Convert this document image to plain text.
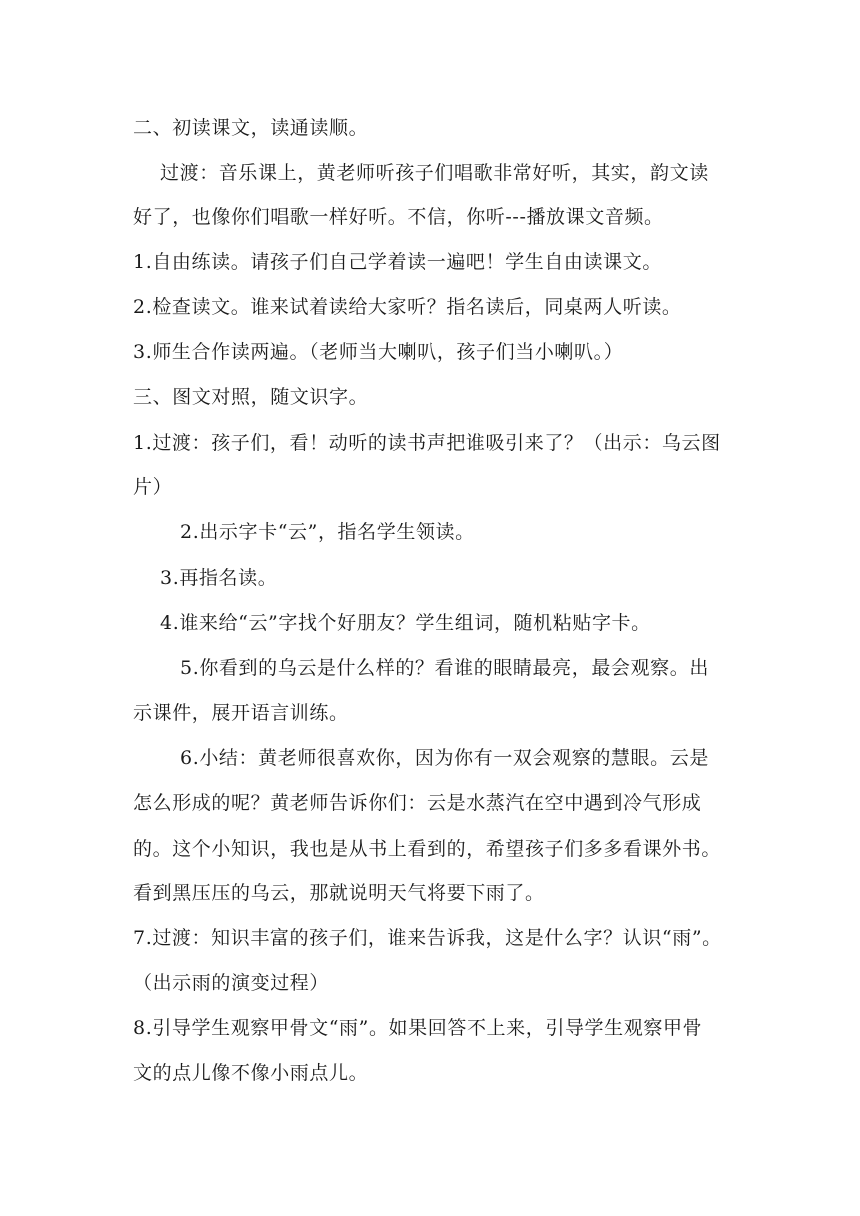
二、初读课文，读通读顺。
过渡：音乐课上，黄老师听孩子们唱歌非常好听，其实，韵文读
好了，也像你们唱歌一样好听。不信，你听---播放课文音频。
1.自由练读。请孩子们自己学着读一遍吧！学生自由读课文。
2.检查读文。谁来试着读给大家听？指名读后，同桌两人听读。
3.师生合作读两遍。（老师当大喇叭，孩子们当小喇叭。）
三、图文对照，随文识字。
1.过渡：孩子们，看！动听的读书声把谁吸引来了？（出示：乌云图
片）
2.出示字卡“云”，指名学生领读。
3.再指名读。
4.谁来给“云”字找个好朋友？学生组词，随机粘贴字卡。
5.你看到的乌云是什么样的？看谁的眼睛最亮，最会观察。出
示课件，展开语言训练。
6.小结：黄老师很喜欢你，因为你有一双会观察的慧眼。云是
怎么形成的呢？黄老师告诉你们：云是水蒸汽在空中遇到冷气形成
的。这个小知识，我也是从书上看到的，希望孩子们多多看课外书。
看到黑压压的乌云，那就说明天气将要下雨了。
7.过渡：知识丰富的孩子们，谁来告诉我，这是什么字？认识“雨”。
（出示雨的演变过程）
8.引导学生观察甲骨文“雨”。如果回答不上来，引导学生观察甲骨
文的点儿像不像小雨点儿。
